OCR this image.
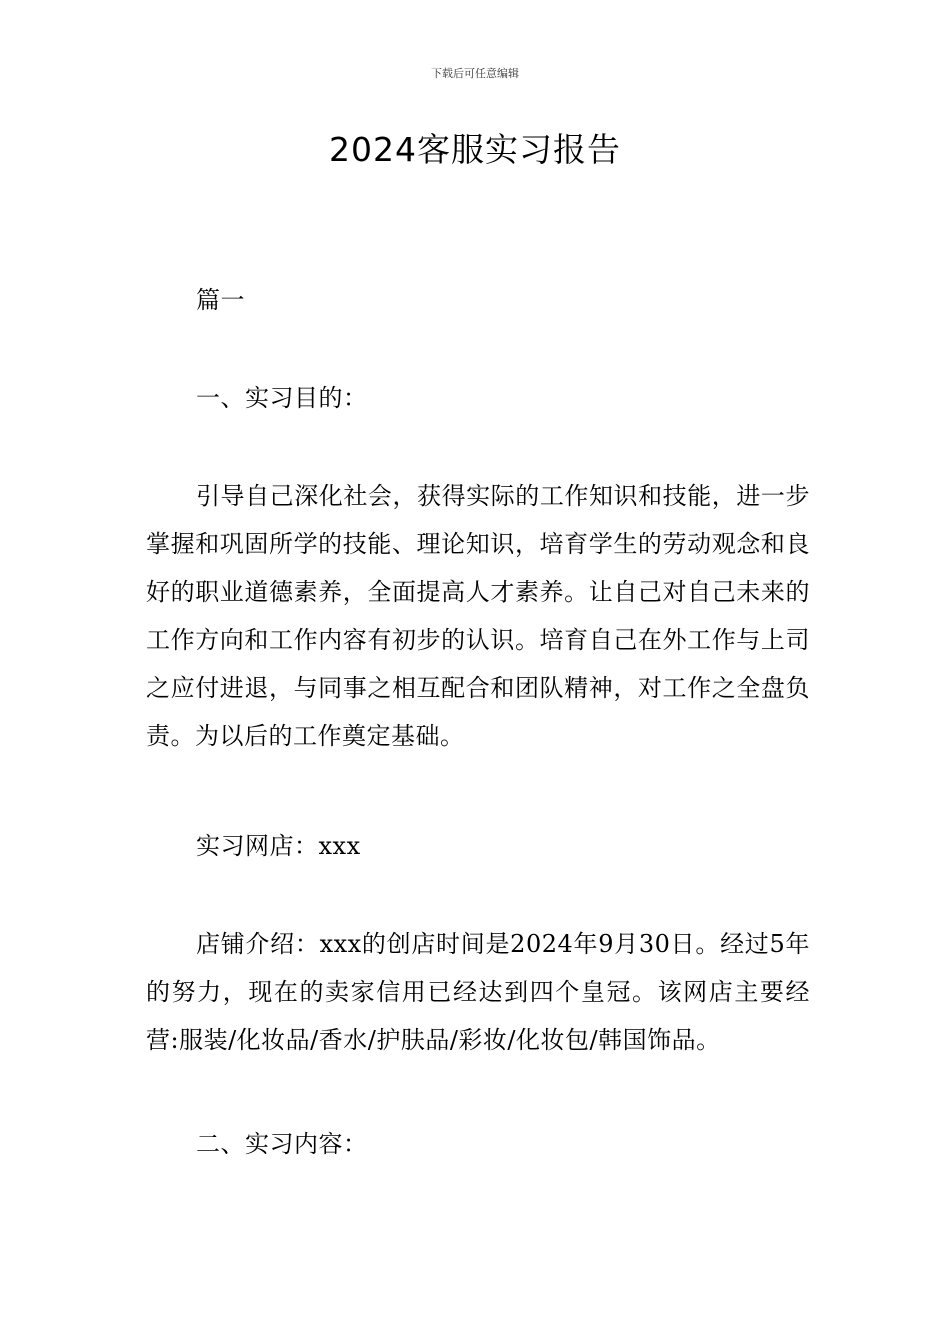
下载后可任意编辑
2024客服实习报告

篇一

一、实习目的：

引导自己深化社会，获得实际的工作知识和技能，进一步掌握和巩固所学的技能、理论知识，培育学生的劳动观念和良好的职业道德素养，全面提高人才素养。让自己对自己未来的工作方向和工作内容有初步的认识。培育自己在外工作与上司之应付进退，与同事之相互配合和团队精神，对工作之全盘负责。为以后的工作奠定基础。

实习网店：xxx

店铺介绍：xxx的创店时间是2024年9月30日。经过5年的努力，现在的卖家信用已经达到四个皇冠。该网店主要经营:服装/化妆品/香水/护肤品/彩妆/化妆包/韩国饰品。

二、实习内容：
